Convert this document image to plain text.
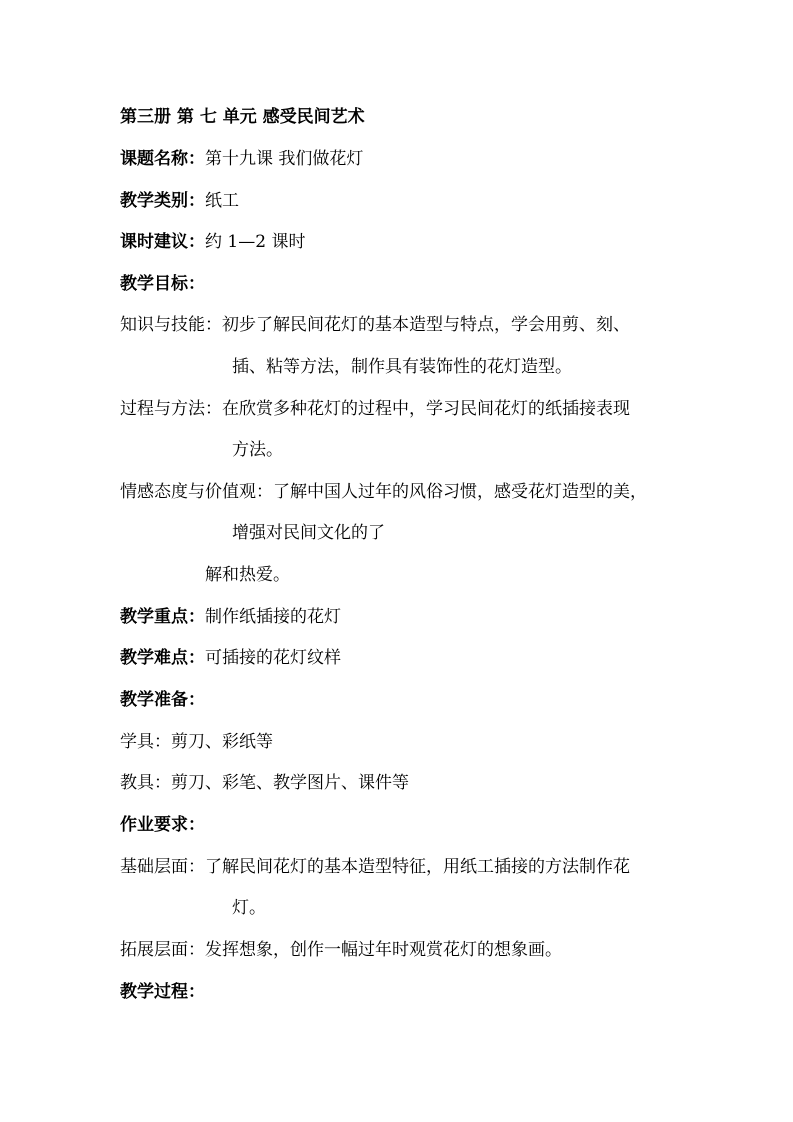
第三册 第 七 单元 感受民间艺术
课题名称：第十九课 我们做花灯
教学类别：纸工
课时建议：约 1—2 课时
教学目标：
知识与技能：初步了解民间花灯的基本造型与特点，学会用剪、刻、
插、粘等方法，制作具有装饰性的花灯造型。
过程与方法：在欣赏多种花灯的过程中，学习民间花灯的纸插接表现
方法。
情感态度与价值观：了解中国人过年的风俗习惯，感受花灯造型的美，
增强对民间文化的了
解和热爱。
教学重点：制作纸插接的花灯
教学难点：可插接的花灯纹样
教学准备：
学具：剪刀、彩纸等
教具：剪刀、彩笔、教学图片、课件等
作业要求：
基础层面：了解民间花灯的基本造型特征，用纸工插接的方法制作花
灯。
拓展层面：发挥想象，创作一幅过年时观赏花灯的想象画。
教学过程：
